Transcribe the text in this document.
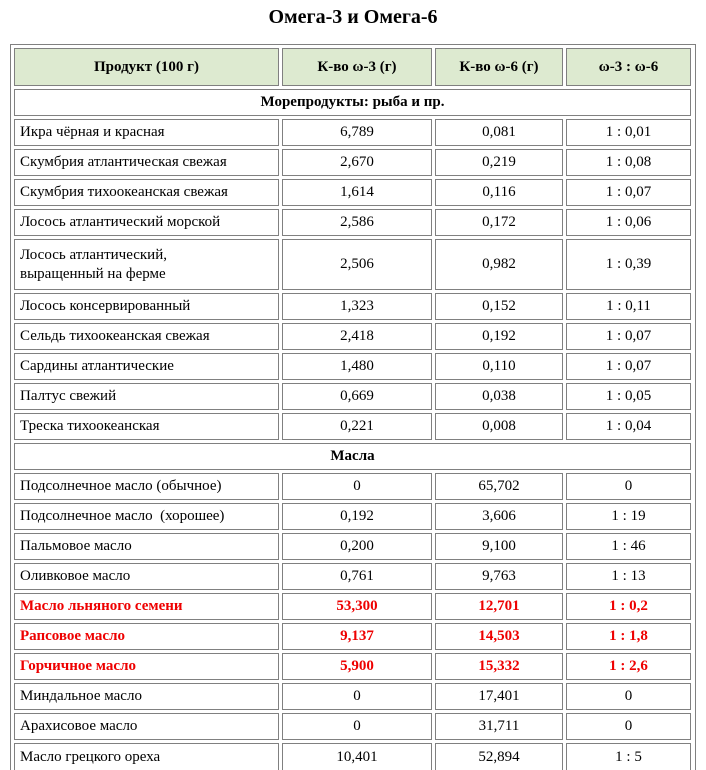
Омега-3 и Омега-6
Продукт (100 г)	К-во ω-3 (г)	К-во ω-6 (г)	ω-3 : ω-6
Морепродукты: рыба и пр.			
Икра чёрная и красная	6,789	0,081	1 : 0,01
Скумбрия атлантическая свежая	2,670	0,219	1 : 0,08
Скумбрия тихоокеанская свежая	1,614	0,116	1 : 0,07
Лосось атлантический морской	2,586	0,172	1 : 0,06
Лосось атлантический,
выращенный на ферме	2,506	0,982	1 : 0,39
Лосось консервированный	1,323	0,152	1 : 0,11
Сельдь тихоокеанская свежая	2,418	0,192	1 : 0,07
Сардины атлантические	1,480	0,110	1 : 0,07
Палтус свежий	0,669	0,038	1 : 0,05
Треска тихоокеанская	0,221	0,008	1 : 0,04
Масла			
Подсолнечное масло (обычное)	0	65,702	0
Подсолнечное масло  (хорошее)	0,192	3,606	1 : 19
Пальмовое масло	0,200	9,100	1 : 46
Оливковое масло	0,761	9,763	1 : 13
Масло льняного семени	53,300	12,701	1 : 0,2
Рапсовое масло	9,137	14,503	1 : 1,8
Горчичное масло	5,900	15,332	1 : 2,6
Миндальное масло	0	17,401	0
Арахисовое масло	0	31,711	0
Масло грецкого ореха	10,401	52,894	1 : 5
